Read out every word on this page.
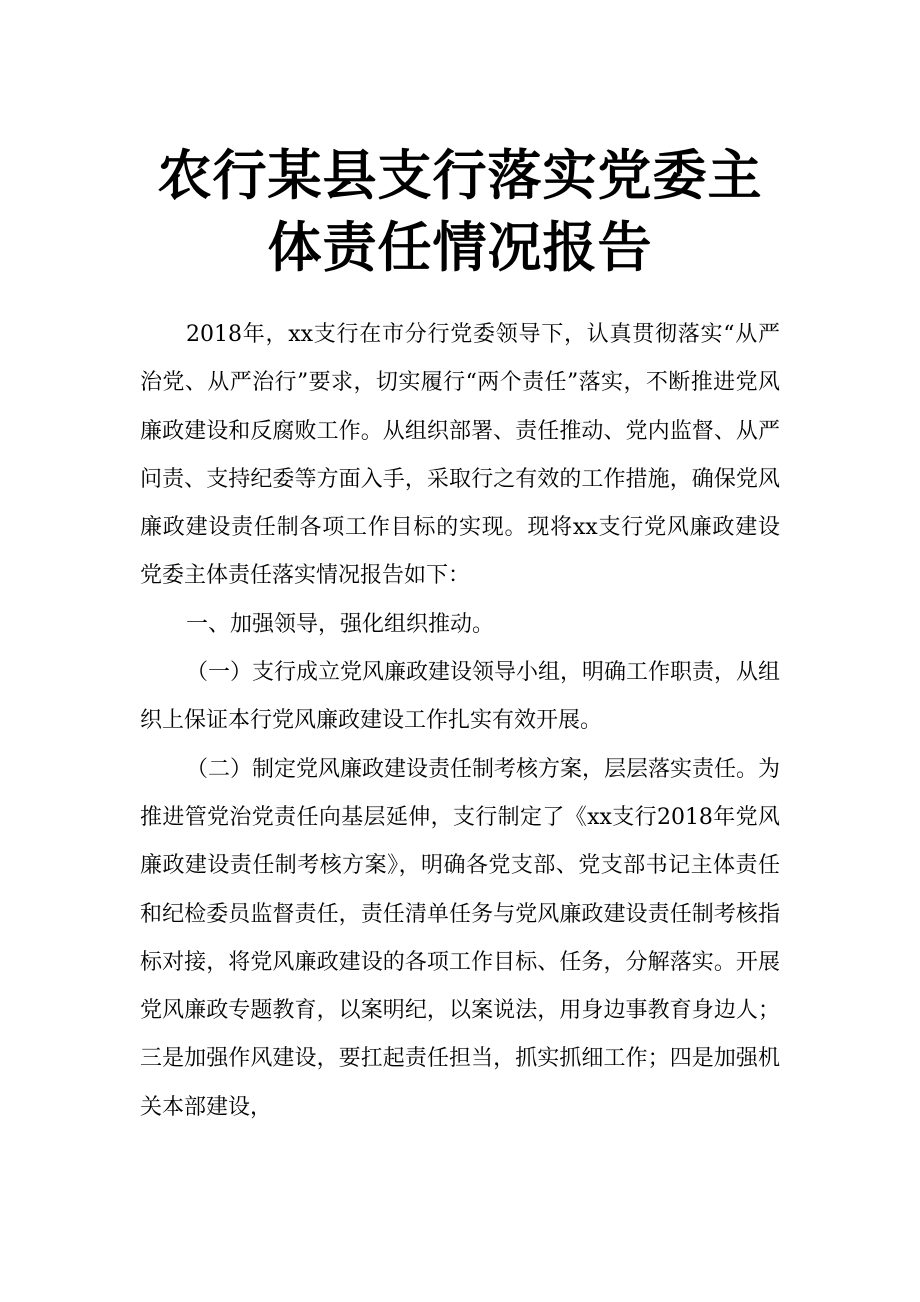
农行某县支行落实党委主
体责任情况报告

2018年，xx支行在市分行党委领导下，认真贯彻落实“从严治党、从严治行”要求，切实履行“两个责任”落实，不断推进党风廉政建设和反腐败工作。从组织部署、责任推动、党内监督、从严问责、支持纪委等方面入手，采取行之有效的工作措施，确保党风廉政建设责任制各项工作目标的实现。现将xx支行党风廉政建设党委主体责任落实情况报告如下：

一、加强领导，强化组织推动。

（一）支行成立党风廉政建设领导小组，明确工作职责，从组织上保证本行党风廉政建设工作扎实有效开展。

（二）制定党风廉政建设责任制考核方案，层层落实责任。为推进管党治党责任向基层延伸，支行制定了《xx支行2018年党风廉政建设责任制考核方案》，明确各党支部、党支部书记主体责任和纪检委员监督责任，责任清单任务与党风廉政建设责任制考核指标对接，将党风廉政建设的各项工作目标、任务，分解落实。开展党风廉政专题教育，以案明纪，以案说法，用身边事教育身边人；三是加强作风建设，要扛起责任担当，抓实抓细工作；四是加强机关本部建设，
